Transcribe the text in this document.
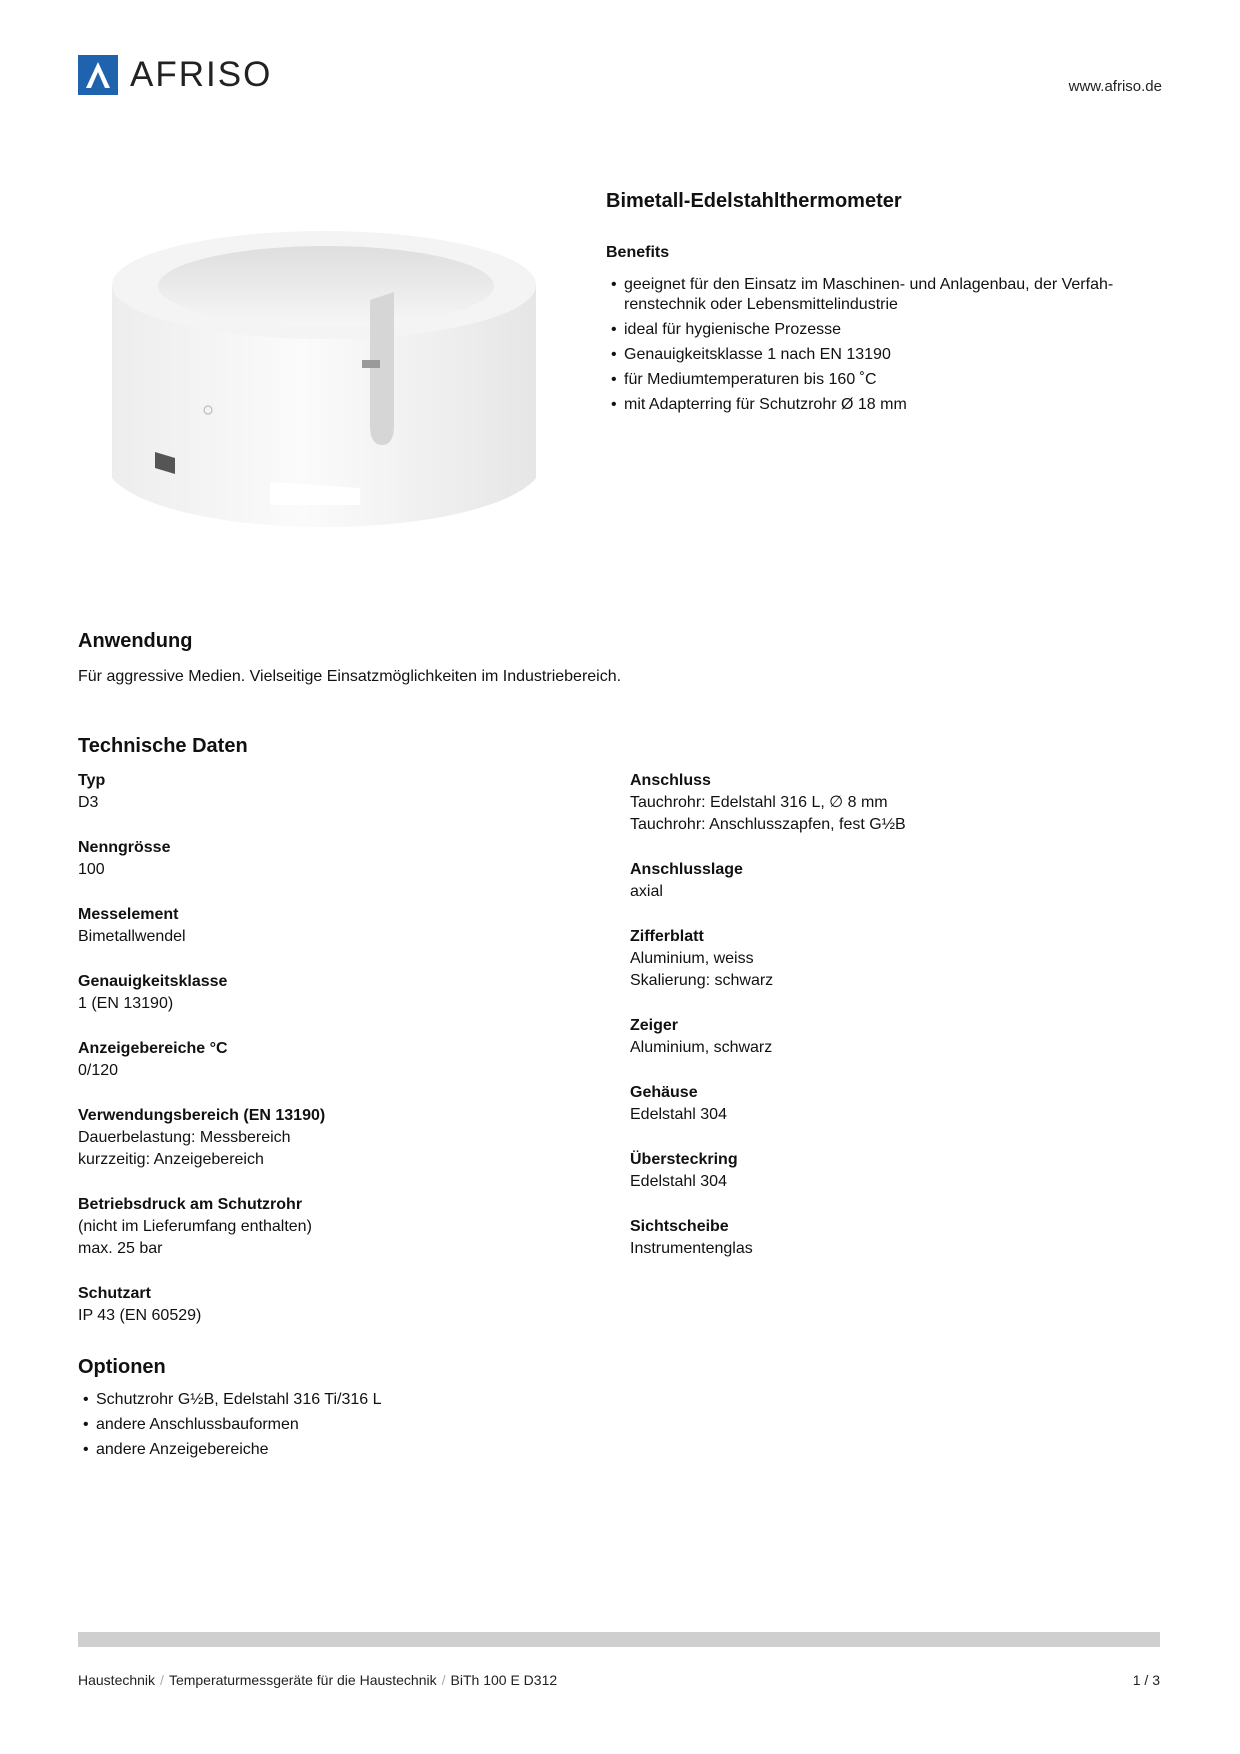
AFRISO	www.afriso.de
Bimetall-Edelstahlthermometer
Benefits
• geeignet für den Einsatz im Maschinen- und Anlagenbau, der Verfahrenstechnik oder Lebensmittelindustrie
• ideal für hygienische Prozesse
• Genauigkeitsklasse 1 nach EN 13190
• für Mediumtemperaturen bis 160 ˚C
• mit Adapterring für Schutzrohr Ø 18 mm
Anwendung
Für aggressive Medien. Vielseitige Einsatzmöglichkeiten im Industriebereich.
Technische Daten
Typ
D3
Nenngrösse
100
Messelement
Bimetallwendel
Genauigkeitsklasse
1 (EN 13190)
Anzeigebereiche °C
0/120
Verwendungsbereich (EN 13190)
Dauerbelastung: Messbereich
kurzzeitig: Anzeigebereich
Betriebsdruck am Schutzrohr
(nicht im Lieferumfang enthalten)
max. 25 bar
Schutzart
IP 43 (EN 60529)
Anschluss
Tauchrohr: Edelstahl 316 L, ∅ 8 mm
Tauchrohr: Anschlusszapfen, fest G½B
Anschlusslage
axial
Zifferblatt
Aluminium, weiss
Skalierung: schwarz
Zeiger
Aluminium, schwarz
Gehäuse
Edelstahl 304
Übersteckring
Edelstahl 304
Sichtscheibe
Instrumentenglas
Optionen
• Schutzrohr G½B, Edelstahl 316 Ti/316 L
• andere Anschlussbauformen
• andere Anzeigebereiche
Haustechnik / Temperaturmessgeräte für die Haustechnik / BiTh 100 E D312	1 / 3
